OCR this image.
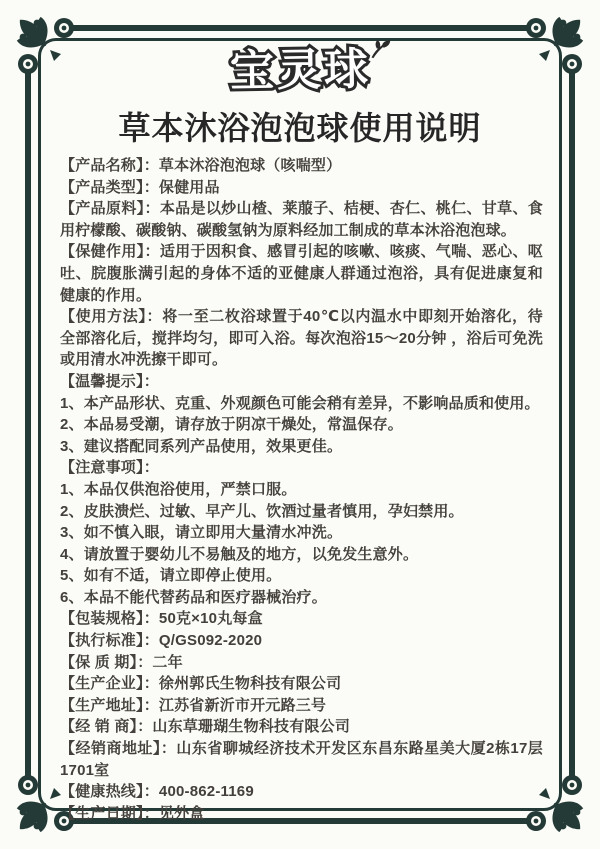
宝灵球
草本沐浴泡泡球使用说明

【产品名称】：草本沐浴泡泡球（咳喘型）

【产品类型】：保健用品

【产品原料】：本品是以炒山楂、莱菔子、桔梗、杏仁、桃仁、甘草、食用柠檬酸、碳酸钠、碳酸氢钠为原料经加工制成的草本沐浴泡泡球。

【保健作用】：适用于因积食、感冒引起的咳嗽、咳痰、气喘、恶心、呕吐、脘腹胀满引起的身体不适的亚健康人群通过泡浴，具有促进康复和健康的作用。

【使用方法】：将一至二枚浴球置于40℃以内温水中即刻开始溶化，待全部溶化后，搅拌均匀，即可入浴。每次泡浴15～20分钟 ，浴后可免洗或用清水冲洗擦干即可。

【温馨提示】：

1、本产品形状、克重、外观颜色可能会稍有差异，不影响品质和使用。

2、本品易受潮，请存放于阴凉干燥处，常温保存。

3、建议搭配同系列产品使用，效果更佳。

【注意事项】：

1、本品仅供泡浴使用，严禁口服。

2、皮肤溃烂、过敏、早产儿、饮酒过量者慎用，孕妇禁用。

3、如不慎入眼，请立即用大量清水冲洗。

4、请放置于婴幼儿不易触及的地方，以免发生意外。

5、如有不适，请立即停止使用。

6、本品不能代替药品和医疗器械治疗。

【包装规格】：50克×10丸每盒

【执行标准】：Q/GS092-2020

【保 质 期】：二年

【生产企业】：徐州郭氏生物科技有限公司

【生产地址】：江苏省新沂市开元路三号

【经 销 商】：山东草珊瑚生物科技有限公司

【经销商地址】：山东省聊城经济技术开发区东昌东路星美大厦2栋17层1701室

【健康热线】：400-862-1169

【生产日期】：见外盒
